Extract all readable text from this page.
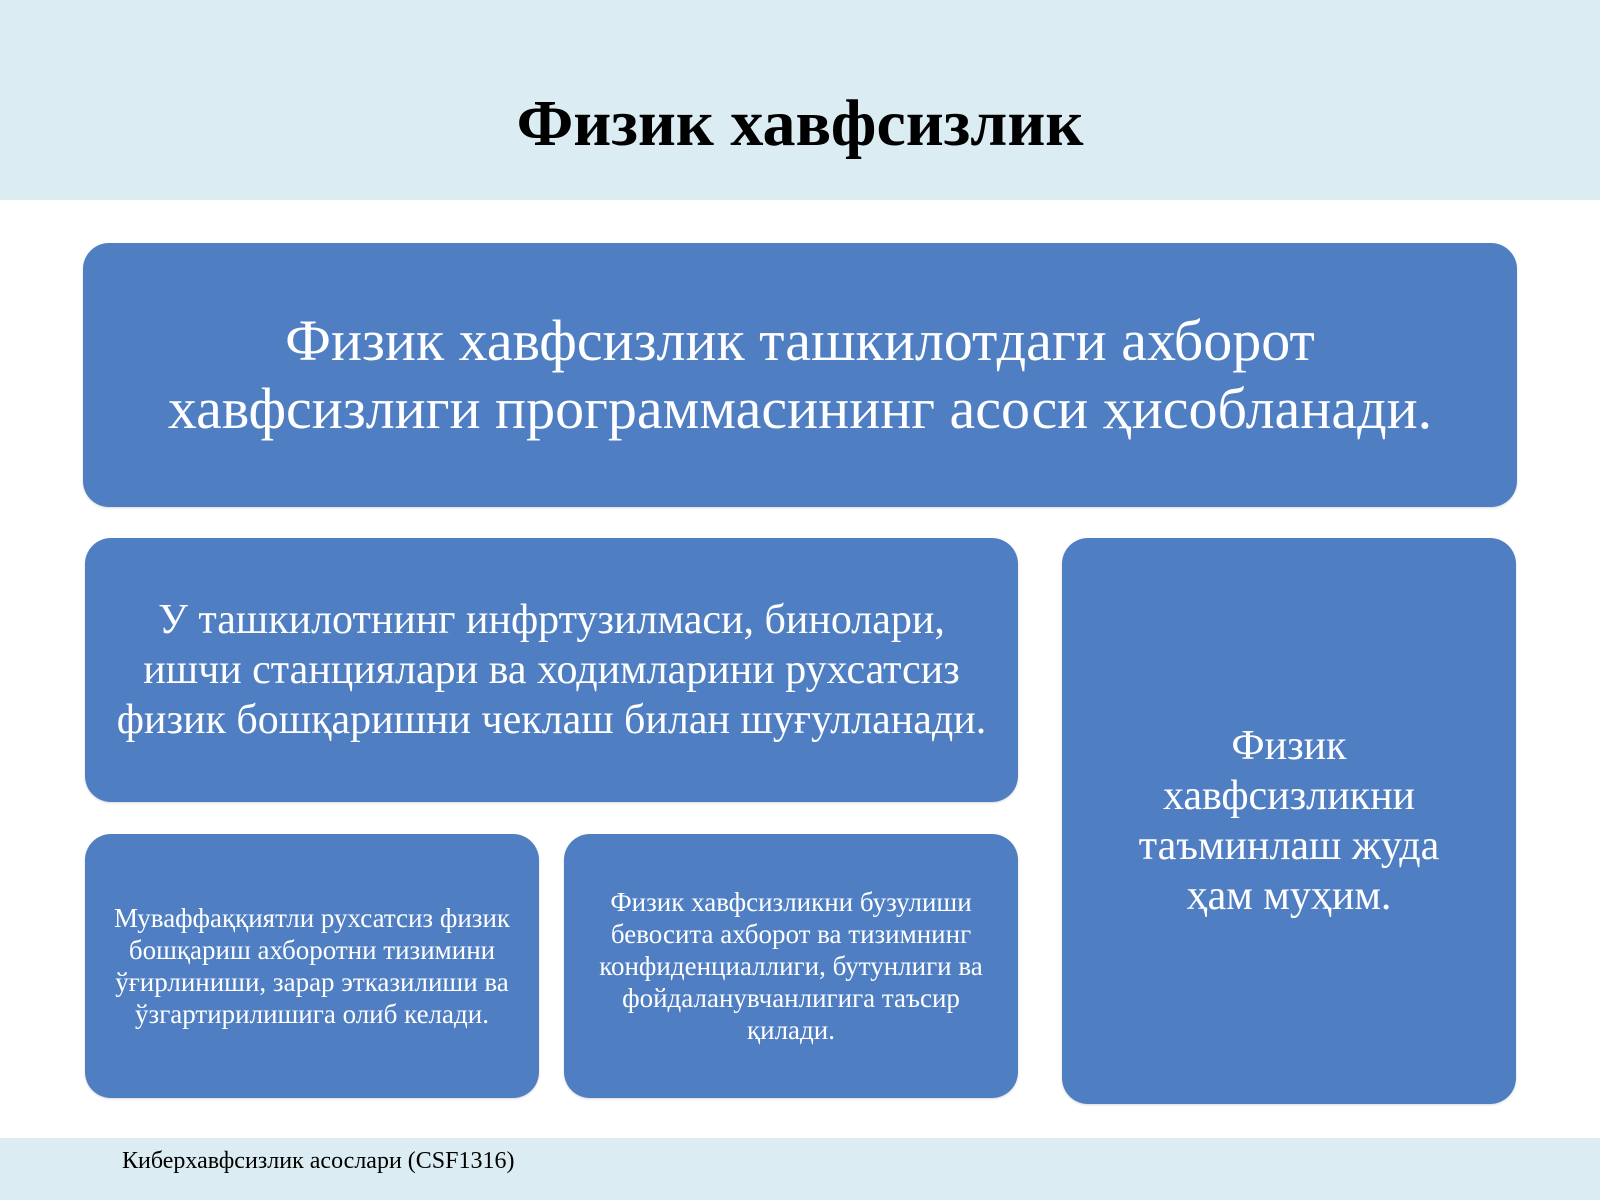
Физик хавфсизлик
Физик хавфсизлик ташкилотдаги ахборот хавфсизлиги программасининг асоси ҳисобланади.
У ташкилотнинг инфртузилмаси, бинолари, ишчи станциялари ва ходимларини рухсатсиз физик бошқаришни чеклаш билан шуғулланади.
Физик хавфсизликни таъминлаш жуда ҳам муҳим.
Муваффаққиятли рухсатсиз физик бошқариш ахборотни тизимини ўғирлиниши, зарар этказилиши ва ўзгартирилишига олиб келади.
Физик хавфсизликни бузулиши бевосита ахборот ва тизимнинг конфиденциаллиги, бутунлиги ва фойдаланувчанлигига таъсир қилади.
Киберхавфсизлик асослари (CSF1316)
